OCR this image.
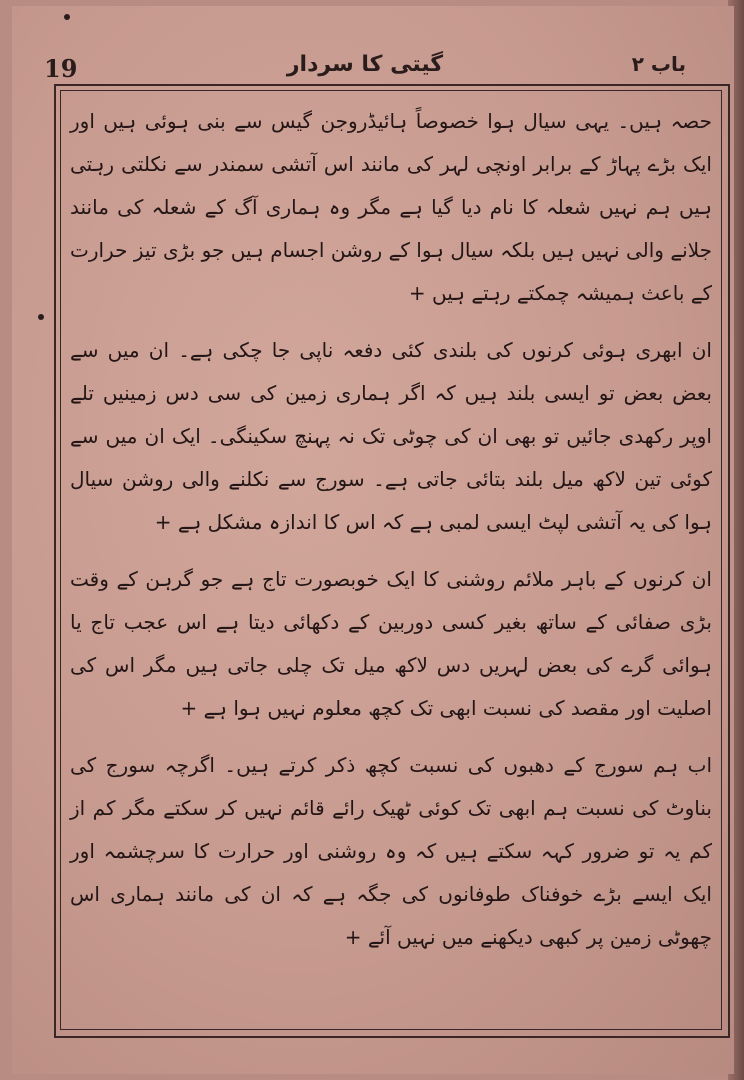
19	گیتی کا سردار	باب ۲

حصہ ہیں۔ یہی سیال ہوا خصوصاً ہائیڈروجن گیس سے بنی ہوئی ہیں اور ایک بڑے پہاڑ کے برابر اونچی لہر کی مانند اس آتشی سمندر سے نکلتی رہتی ہیں ہم نہیں شعلہ کا نام دیا گیا ہے مگر وہ ہماری آگ کے شعلہ کی مانند جلانے والی نہیں ہیں بلکہ سیال ہوا کے روشن اجسام ہیں جو بڑی تیز حرارت کے باعث ہمیشہ چمکتے رہتے ہیں +

ان ابھری ہوئی کرنوں کی بلندی کئی دفعہ ناپی جا چکی ہے۔ ان میں سے بعض بعض تو ایسی بلند ہیں کہ اگر ہماری زمین کی سی دس زمینیں تلے اوپر رکھدی جائیں تو بھی ان کی چوٹی تک نہ پہنچ سکینگی۔ ایک ان میں سے کوئی تین لاکھ میل بلند بتائی جاتی ہے۔ سورج سے نکلنے والی روشن سیال ہوا کی یہ آتشی لپٹ ایسی لمبی ہے کہ اس کا اندازہ مشکل ہے +

ان کرنوں کے باہر ملائم روشنی کا ایک خوبصورت تاج ہے جو گرہن کے وقت بڑی صفائی کے ساتھ بغیر کسی دوربین کے دکھائی دیتا ہے اس عجب تاج یا ہوائی گرے کی بعض لہریں دس لاکھ میل تک چلی جاتی ہیں مگر اس کی اصلیت اور مقصد کی نسبت ابھی تک کچھ معلوم نہیں ہوا ہے +

اب ہم سورج کے دھبوں کی نسبت کچھ ذکر کرتے ہیں۔ اگرچہ سورج کی بناوٹ کی نسبت ہم ابھی تک کوئی ٹھیک رائے قائم نہیں کر سکتے مگر کم از کم یہ تو ضرور کہہ سکتے ہیں کہ وہ روشنی اور حرارت کا سرچشمہ اور ایک ایسے بڑے خوفناک طوفانوں کی جگہ ہے کہ ان کی مانند ہماری اس چھوٹی زمین پر کبھی دیکھنے میں نہیں آئے +
